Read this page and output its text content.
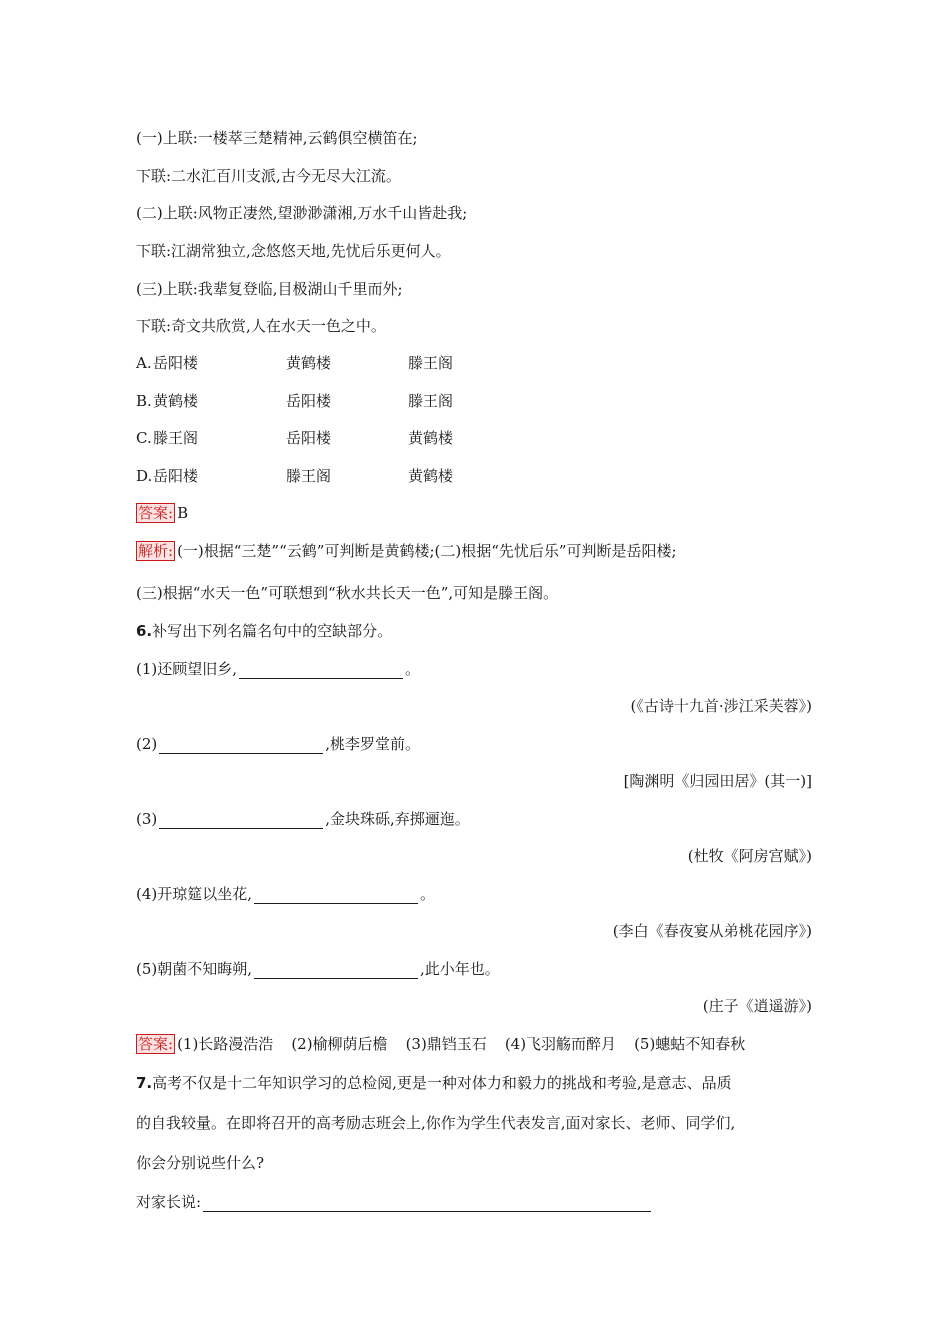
(一)上联:一楼萃三楚精神,云鹤俱空横笛在;
下联:二水汇百川支派,古今无尽大江流。
(二)上联:风物正凄然,望渺渺潇湘,万水千山皆赴我;
下联:江湖常独立,念悠悠天地,先忧后乐更何人。
(三)上联:我辈复登临,目极湖山千里而外;
下联:奇文共欣赏,人在水天一色之中。
A. 岳阳楼	黄鹤楼	滕王阁
B. 黄鹤楼	岳阳楼	滕王阁
C. 滕王阁	岳阳楼	黄鹤楼
D. 岳阳楼	滕王阁	黄鹤楼
答案: B
解析: (一)根据“三楚”“云鹤”可判断是黄鹤楼;(二)根据“先忧后乐”可判断是岳阳楼;
(三)根据“水天一色”可联想到“秋水共长天一色”,可知是滕王阁。
6.补写出下列名篇名句中的空缺部分。
(1)还顾望旧乡,	。
(《古诗十九首·涉江采芙蓉》)
(2)	,桃李罗堂前。
[陶渊明《归园田居》(其一)]
(3)	,金块珠砾,弃掷逦迤。
(杜牧《阿房宫赋》)
(4)开琼筵以坐花,	。
(李白《春夜宴从弟桃花园序》)
(5)朝菌不知晦朔,	,此小年也。
(庄子《逍遥游》)
答案: (1)长路漫浩浩 (2)榆柳荫后檐 (3)鼎铛玉石 (4)飞羽觞而醉月 (5)蟪蛄不知春秋
7.高考不仅是十二年知识学习的总检阅,更是一种对体力和毅力的挑战和考验,是意志、品质
的自我较量。在即将召开的高考励志班会上,你作为学生代表发言,面对家长、老师、同学们,
你会分别说些什么?
对家长说:
